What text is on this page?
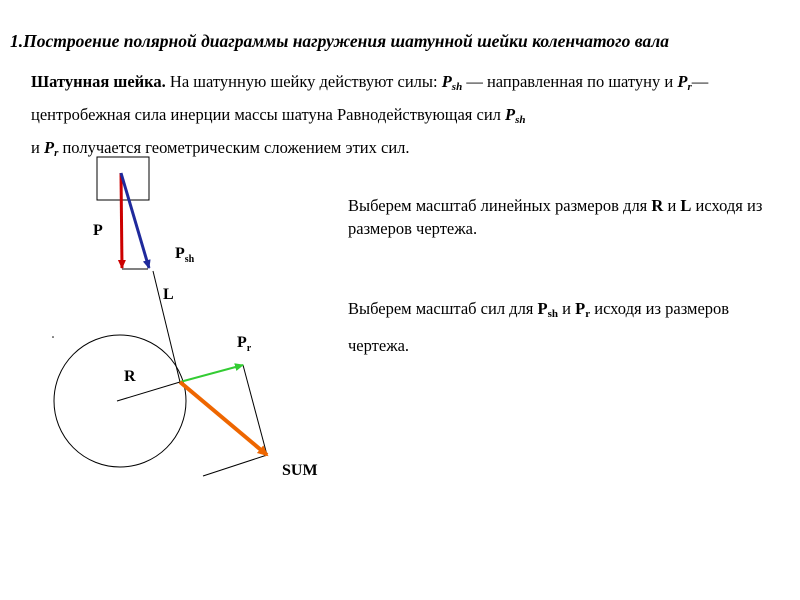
1.Построение полярной диаграммы нагружения шатунной шейки коленчатого вала
Шатунная шейка. На шатунную шейку действуют силы: $P_{sh}$ — направленная по шатуну и $P_r—$ центробежная сила инерции массы шатуна Равнодействующая сил $P_{sh}$
и $P_r$ получается геометрическим сложением этих сил.
Выберем масштаб линейных размеров для R и L исходя из размеров чертежа.
Выберем масштаб сил для $P_{sh}$ и $P_r$ исходя из размеров чертежа.
P
$P_{sh}$
L
$P_r$
R
SUM
